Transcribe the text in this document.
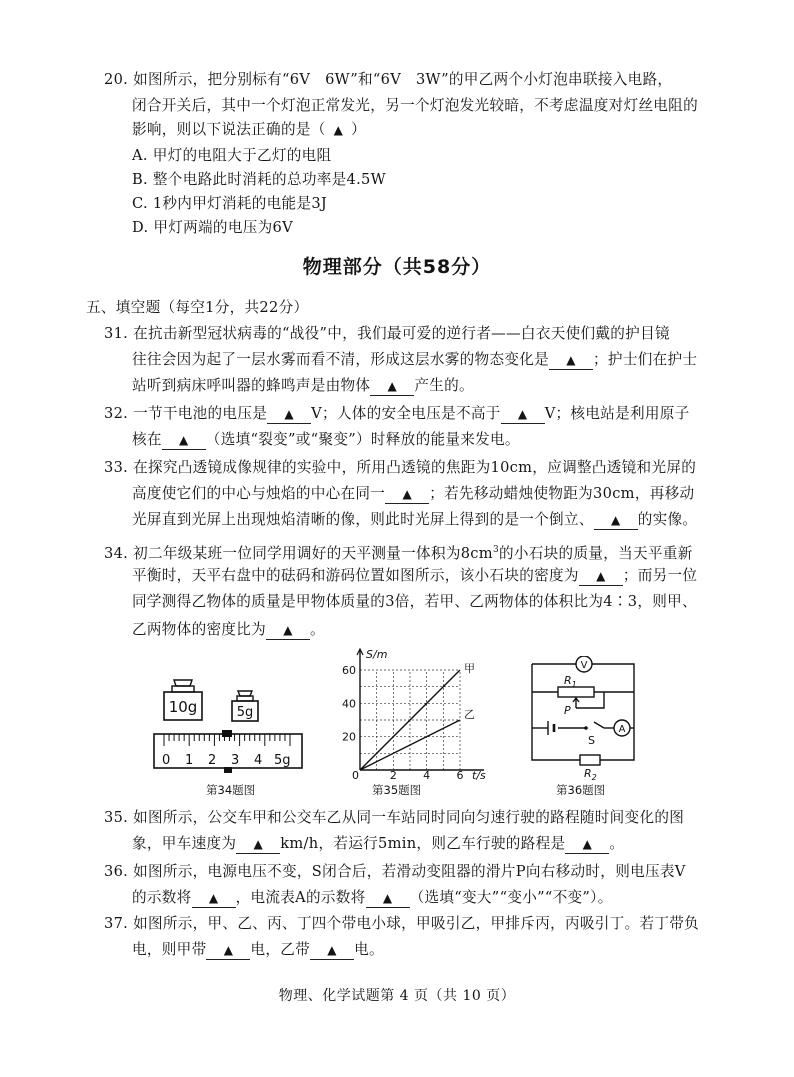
20. 如图所示，把分别标有“6V　6W”和“6V　3W”的甲乙两个小灯泡串联接入电路，
闭合开关后，其中一个灯泡正常发光，另一个灯泡发光较暗，不考虑温度对灯丝电阻的
影响，则以下说法正确的是（ ▲ ）
A. 甲灯的电阻大于乙灯的电阻
B. 整个电路此时消耗的总功率是4.5W
C. 1秒内甲灯消耗的电能是3J
D. 甲灯两端的电压为6V
物理部分（共58分）
五、填空题（每空1分，共22分）
31. 在抗击新型冠状病毒的“战役”中，我们最可爱的逆行者——白衣天使们戴的护目镜
往往会因为起了一层水雾而看不清，形成这层水雾的物态变化是 ▲ ；护士们在护士
站听到病床呼叫器的蜂鸣声是由物体 ▲ 产生的。
32. 一节干电池的电压是 ▲ V；人体的安全电压是不高于 ▲ V；核电站是利用原子
核在 ▲ （选填“裂变”或“聚变”）时释放的能量来发电。
33. 在探究凸透镜成像规律的实验中，所用凸透镜的焦距为10cm，应调整凸透镜和光屏的
高度使它们的中心与烛焰的中心在同一 ▲ ；若先移动蜡烛使物距为30cm，再移动
光屏直到光屏上出现烛焰清晰的像，则此时光屏上得到的是一个倒立、 ▲ 的实像。
34. 初二年级某班一位同学用调好的天平测量一体积为$8cm^3$的小石块的质量，当天平重新
平衡时，天平右盘中的砝码和游码位置如图所示，该小石块的密度为 ▲ ；而另一位
同学测得乙物体的质量是甲物体质量的3倍，若甲、乙两物体的体积比为4∶3，则甲、
乙两物体的密度比为 ▲ 。
10g	5g
0 1 2 3 4 5g
第34题图
S/m
t/s
0
20
40
60
2 4 6
甲
乙
第35题图
V
A
$R_1$
P
S
$R_2$
第36题图
35. 如图所示，公交车甲和公交车乙从同一车站同时同向匀速行驶的路程随时间变化的图
象，甲车速度为 ▲ km/h，若运行5min，则乙车行驶的路程是 ▲ 。
36. 如图所示，电源电压不变，S闭合后，若滑动变阻器的滑片P向右移动时，则电压表V
的示数将 ▲ ，电流表A的示数将 ▲ （选填“变大”“变小”“不变”）。
37. 如图所示，甲、乙、丙、丁四个带电小球，甲吸引乙，甲排斥丙，丙吸引丁。若丁带负
电，则甲带 ▲ 电，乙带 ▲ 电。
物理、化学试题第 4 页（共 10 页）
